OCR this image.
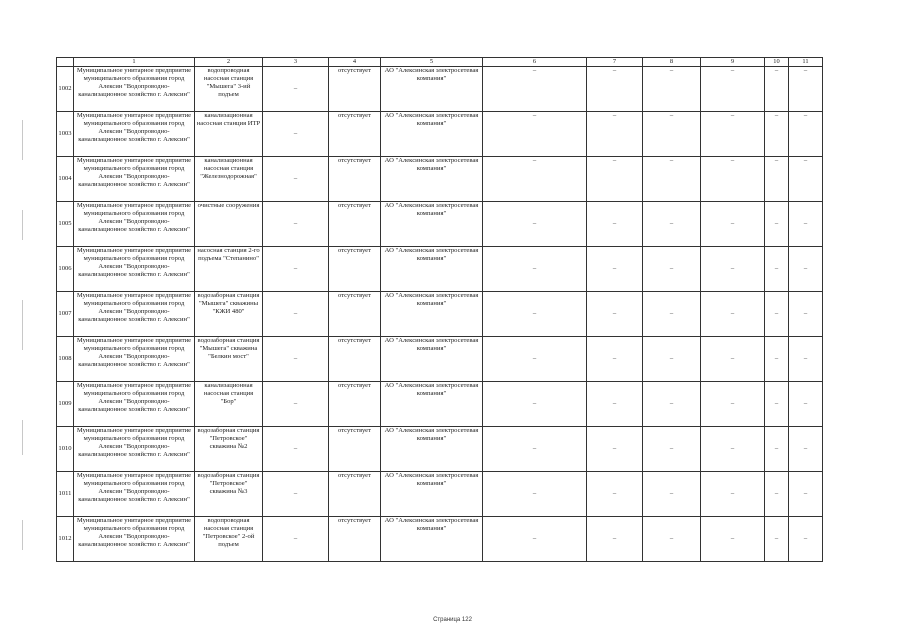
	1	2	3	4	5	6	7	8	9	10	11
1002	Муниципальное унитарное предприятие муниципального образования город Алексин "Водопроводно-канализационное хозяйство г. Алексин"	водопроводная насосная станция "Мышега" 3-ий подъем	–	отсутствует	АО "Алексинская электросетевая компания"	–	–	–	–	–	–
1003	Муниципальное унитарное предприятие муниципального образования город Алексин "Водопроводно-канализационное хозяйство г. Алексин"	канализационная насосная станция ИТР	–	отсутствует	АО "Алексинская электросетевая компания"	–	–	–	–	–	–
1004	Муниципальное унитарное предприятие муниципального образования город Алексин "Водопроводно-канализационное хозяйство г. Алексин"	канализационная насосная станция "Железнодорожная"	–	отсутствует	АО "Алексинская электросетевая компания"	–	–	–	–	–	–
1005	Муниципальное унитарное предприятие муниципального образования город Алексин "Водопроводно-канализационное хозяйство г. Алексин"	очистные сооружения	–	отсутствует	АО "Алексинская электросетевая компания"	–	–	–	–	–	–
1006	Муниципальное унитарное предприятие муниципального образования город Алексин "Водопроводно-канализационное хозяйство г. Алексин"	насосная станция 2-го подъема "Степанино"	–	отсутствует	АО "Алексинская электросетевая компания"	–	–	–	–	–	–
1007	Муниципальное унитарное предприятие муниципального образования город Алексин "Водопроводно-канализационное хозяйство г. Алексин"	водозаборная станция "Мышега" скважины "КЖИ 480"	–	отсутствует	АО "Алексинская электросетевая компания"	–	–	–	–	–	–
1008	Муниципальное унитарное предприятие муниципального образования город Алексин "Водопроводно-канализационное хозяйство г. Алексин"	водозаборная станция "Мышега" скважина "Белкин мост"	–	отсутствует	АО "Алексинская электросетевая компания"	–	–	–	–	–	–
1009	Муниципальное унитарное предприятие муниципального образования город Алексин "Водопроводно-канализационное хозяйство г. Алексин"	канализационная насосная станция "Бор"	–	отсутствует	АО "Алексинская электросетевая компания"	–	–	–	–	–	–
1010	Муниципальное унитарное предприятие муниципального образования город Алексин "Водопроводно-канализационное хозяйство г. Алексин"	водозаборная станция "Петровское" скважина №2	–	отсутствует	АО "Алексинская электросетевая компания"	–	–	–	–	–	–
1011	Муниципальное унитарное предприятие муниципального образования город Алексин "Водопроводно-канализационное хозяйство г. Алексин"	водозаборная станция "Петровское" скважина №3	–	отсутствует	АО "Алексинская электросетевая компания"	–	–	–	–	–	–
1012	Муниципальное унитарное предприятие муниципального образования город Алексин "Водопроводно-канализационное хозяйство г. Алексин"	водопроводная насосная станция "Петровское" 2-ой подъем	–	отсутствует	АО "Алексинская электросетевая компания"	–	–	–	–	–	–
Страница 122
